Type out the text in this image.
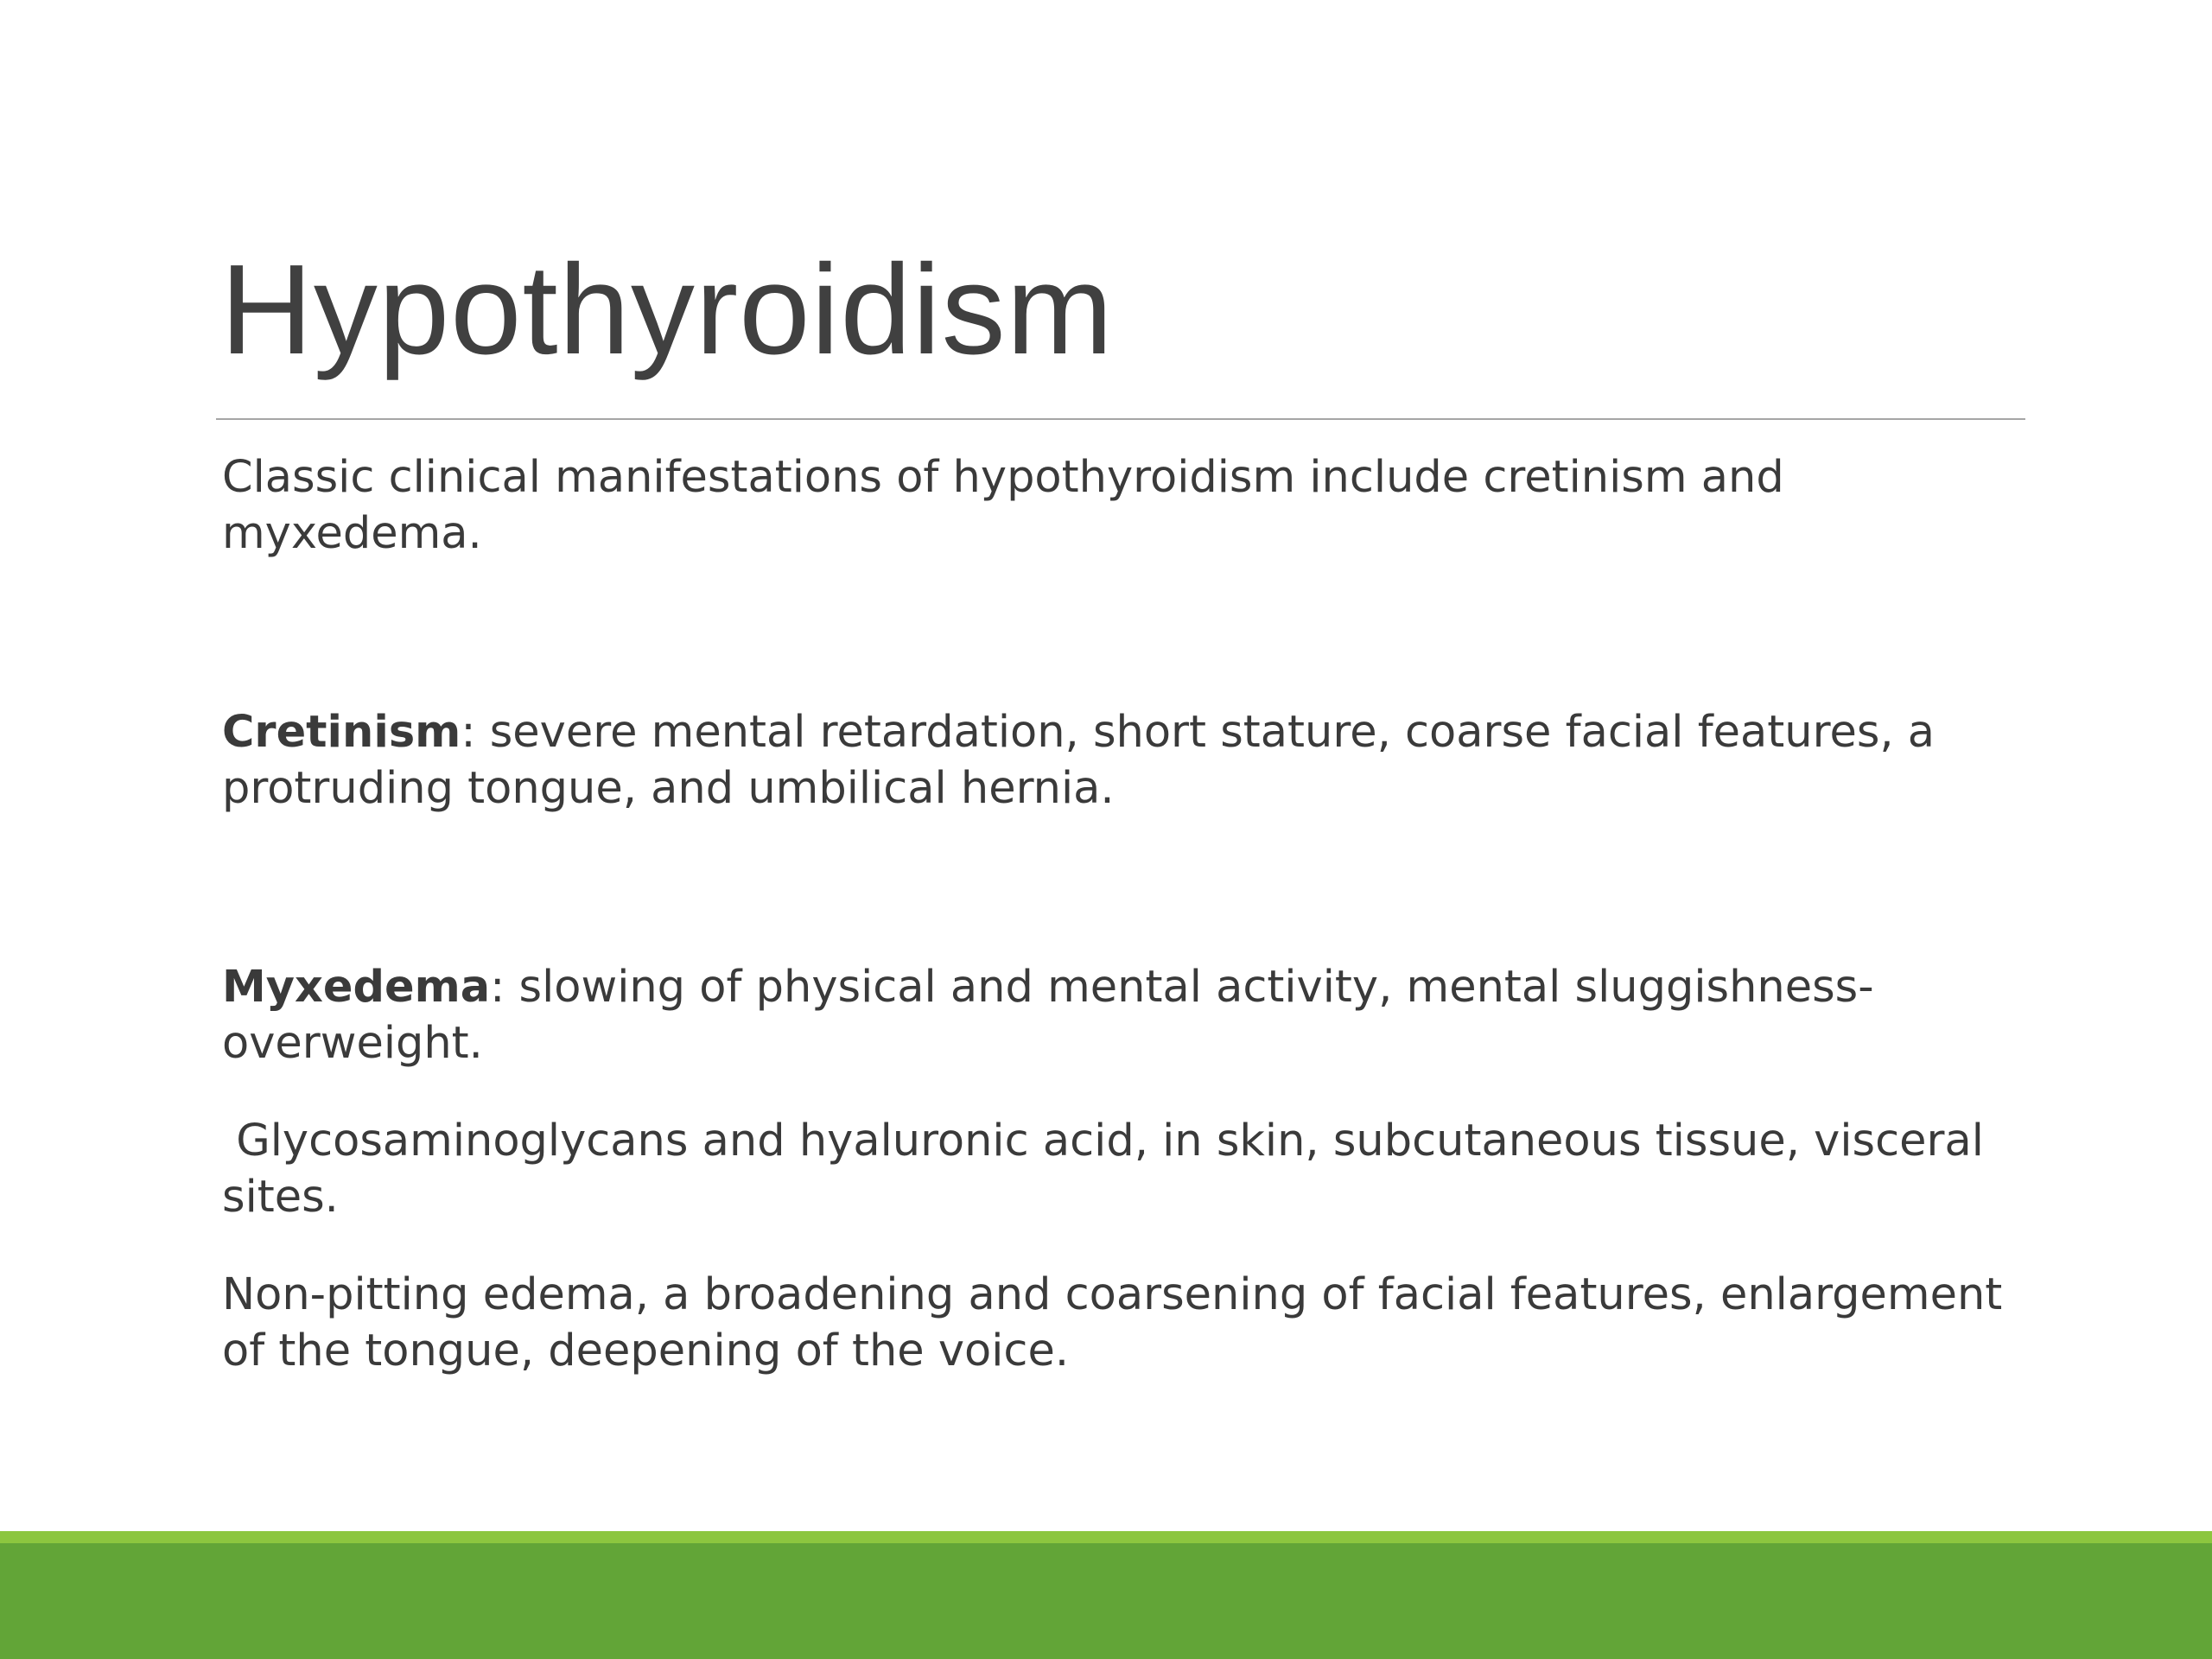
Hypothyroidism

Classic clinical manifestations of hypothyroidism include cretinism and myxedema.

Cretinism: severe mental retardation, short stature, coarse facial features, a protruding tongue, and umbilical hernia.

Myxedema: slowing of physical and mental activity, mental sluggishness- overweight.

Glycosaminoglycans and hyaluronic acid, in skin, subcutaneous tissue, visceral sites.

Non-pitting edema, a broadening and coarsening of facial features, enlargement of the tongue, deepening of the voice.
